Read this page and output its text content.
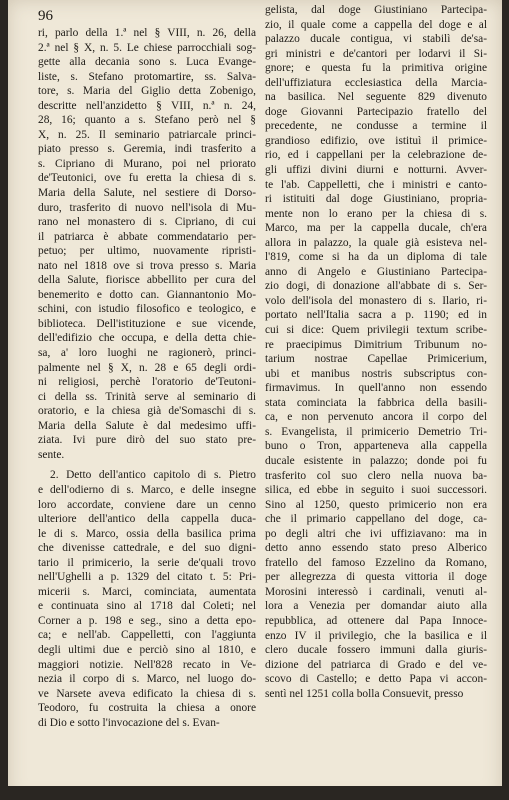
96
ri, parlo della 1.ª nel § VIII, n. 26, della
2.ª nel § X, n. 5. Le chiese parrocchiali sog-
gette alla decania sono s. Luca Evange-
liste, s. Stefano protomartire, ss. Salva-
tore, s. Maria del Giglio detta Zobenigo,
descritte nell'anzidetto § VIII, n.ª n. 24,
28, 16; quanto a s. Stefano però nel §
X, n. 25. Il seminario patriarcale princi-
piato presso s. Geremia, indi trasferito a
s. Cipriano di Murano, poi nel priorato
de'Teutonici, ove fu eretta la chiesa di s.
Maria della Salute, nel sestiere di Dorso-
duro, trasferito di nuovo nell'isola di Mu-
rano nel monastero di s. Cipriano, di cui
il patriarca è abbate commendatario per-
petuo; per ultimo, nuovamente ripristi-
nato nel 1818 ove si trova presso s. Maria
della Salute, fiorisce abbellito per cura del
benemerito e dotto can. Giannantonio Mo-
schini, con istudio filosofico e teologico, e
biblioteca. Dell'istituzione e sue vicende,
dell'edifizio che occupa, e della detta chie-
sa, a' loro luoghi ne ragionerò, princi-
palmente nel § X, n. 28 e 65 degli ordi-
ni religiosi, perchè l'oratorio de'Teutoni-
ci della ss. Trinità serve al seminario di
oratorio, e la chiesa già de'Somaschi di s.
Maria della Salute è dal medesimo uffi-
ziata. Ivi pure dirò del suo stato pre-
sente.
2. Detto dell'antico capitolo di s. Pietro
e dell'odierno di s. Marco, e delle insegne
loro accordate, conviene dare un cenno
ulteriore dell'antico della cappella duca-
le di s. Marco, ossia della basilica prima
che divenisse cattedrale, e del suo digni-
tario il primicerio, la serie de'quali trovo
nell'Ughelli a p. 1329 del citato t. 5: Pri-
micerii s. Marci, cominciata, aumentata
e continuata sino al 1718 dal Coleti; nel
Corner a p. 198 e seg., sino a detta epo-
ca; e nell'ab. Cappelletti, con l'aggiunta
degli ultimi due e perciò sino al 1810, e
maggiori notizie. Nell'828 recato in Ve-
nezia il corpo di s. Marco, nel luogo do-
ve Narsete aveva edificato la chiesa di s.
Teodoro, fu costruita la chiesa a onore
di Dio e sotto l'invocazione del s. Evan-
gelista, dal doge Giustiniano Partecipa-
zio, il quale come a cappella del doge e al
palazzo ducale contigua, vi stabilì de'sa-
gri ministri e de'cantori per lodarvi il Si-
gnore; e questa fu la primitiva origine
dell'uffiziatura ecclesiastica della Marcia-
na basilica. Nel seguente 829 divenuto
doge Giovanni Partecipazio fratello del
precedente, ne condusse a termine il
grandioso edifizio, ove istituì il primice-
rio, ed i cappellani per la celebrazione de-
gli uffizi divini diurni e notturni. Avver-
te l'ab. Cappelletti, che i ministri e canto-
ri istituiti dal doge Giustiniano, propria-
mente non lo erano per la chiesa di s.
Marco, ma per la cappella ducale, ch'era
allora in palazzo, la quale già esisteva nel-
l'819, come si ha da un diploma di tale
anno di Angelo e Giustiniano Partecipa-
zio dogi, di donazione all'abbate di s. Ser-
volo dell'isola del monastero di s. Ilario, ri-
portato nell'Italia sacra a p. 1190; ed in
cui si dice: Quem privilegii textum scribe-
re praecipimus Dimitrium Tribunum no-
tarium nostrae Capellae Primicerium,
ubi et manibus nostris subscriptus con-
firmavimus. In quell'anno non essendo
stata cominciata la fabbrica della basili-
ca, e non pervenuto ancora il corpo del
s. Evangelista, il primicerio Demetrio Tri-
buno o Tron, apparteneva alla cappella
ducale esistente in palazzo; donde poi fu
trasferito col suo clero nella nuova ba-
silica, ed ebbe in seguito i suoi successori.
Sino al 1250, questo primicerio non era
che il primario cappellano del doge, ca-
po degli altri che ivi uffiziavano: ma in
detto anno essendo stato preso Alberico
fratello del famoso Ezzelino da Romano,
per allegrezza di questa vittoria il doge
Morosini interessò i cardinali, venuti al-
lora a Venezia per domandar aiuto alla
repubblica, ad ottenere dal Papa Innoce-
enzo IV il privilegio, che la basilica e il
clero ducale fossero immuni dalla giuris-
dizione del patriarca di Grado e del ve-
scovo di Castello; e detto Papa vi accon-
sentì nel 1251 colla bolla Consuevit, presso
